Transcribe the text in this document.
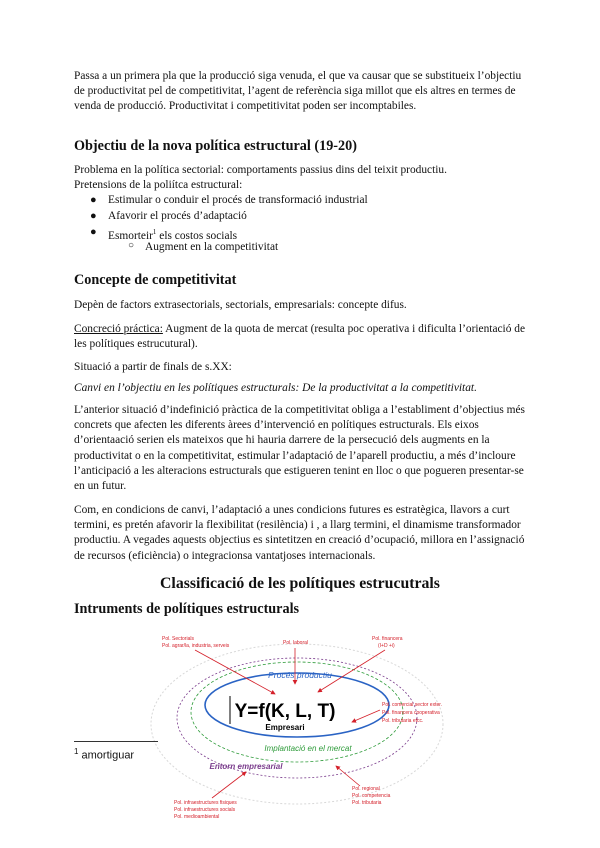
Passa a un primera pla que la producció siga venuda, el que va causar que se substitueix l’objectiu de productivitat pel de competitivitat, l’agent de referència siga millot que els altres en termes de venda de producció. Productivitat i competitivitat poden ser incomptabiles.

Objectiu de la nova política estructural (19-20)

Problema en la política sectorial: comportaments passius dins del teixit productiu.

Pretensions de la poliítca estructural:

● Estimular o conduir el procés de transformació industrial

● Afavorir el procés d’adaptació

● Esmorteir$^1$ els costos socials

○ Augment en la competitivitat

Concepte de competitivitat

Depèn de factors extrasectorials, sectorials, empresarials: concepte difus.

Concreció práctica: Augment de la quota de mercat (resulta poc operativa i dificulta l’orientació de les polítiques estrucutural).

Situació a partir de finals de s.XX:

Canvi en l’objectiu en les polítiques estructurals: De la productivitat a la competitivitat.

L’anterior situació d’indefinició pràctica de la competitivitat obliga a l’establiment d’objectius més concrets que afecten les diferents àrees d’intervenció en polítiques estructurals. Els eixos d’orientaació serien els mateixos que hi hauria darrere de la persecució dels augments en la productivitat o en la competitivitat, estimular l’adaptació de l’aparell productiu, a més d’incloure l’anticipació a les alteracions estructurals que estigueren tenint en lloc o que pogueren presentar-se en un futur.

Com, en condicions de canvi, l’adaptació a unes condicions futures es estratègica, llavors a curt termini, es pretén afavorir la flexibilitat (resilència) i , a llarg termini, el dinamisme transformador productiu. A vegades aquests objectius es sintetitzen en creació d’ocupació, millora en l’assignació de recursos (eficiència) o integracionsa vantatjoses internacionals.

Classificació de les polítiques estrucutrals
Intruments de polítiques estructurals
Procés productiu
Y=f(K, L, T)
Empresari
Implantació en el mercat
Entorn empresarial
Pol. Sectorials
Pol. agrar/la, industria, serveis	Pol. laboral
Pol. financera
(I+D +i)
Pol. comercial sector exter.
Pol. financera cooperativa
Pol. tributaria etcc.
Pol. infraestructures fisiques
Pol. infraestructures socials
Pol. medioambiental
Pol. regional
Pol. competencia
Pol. tributaria
$^1$ amortiguar
